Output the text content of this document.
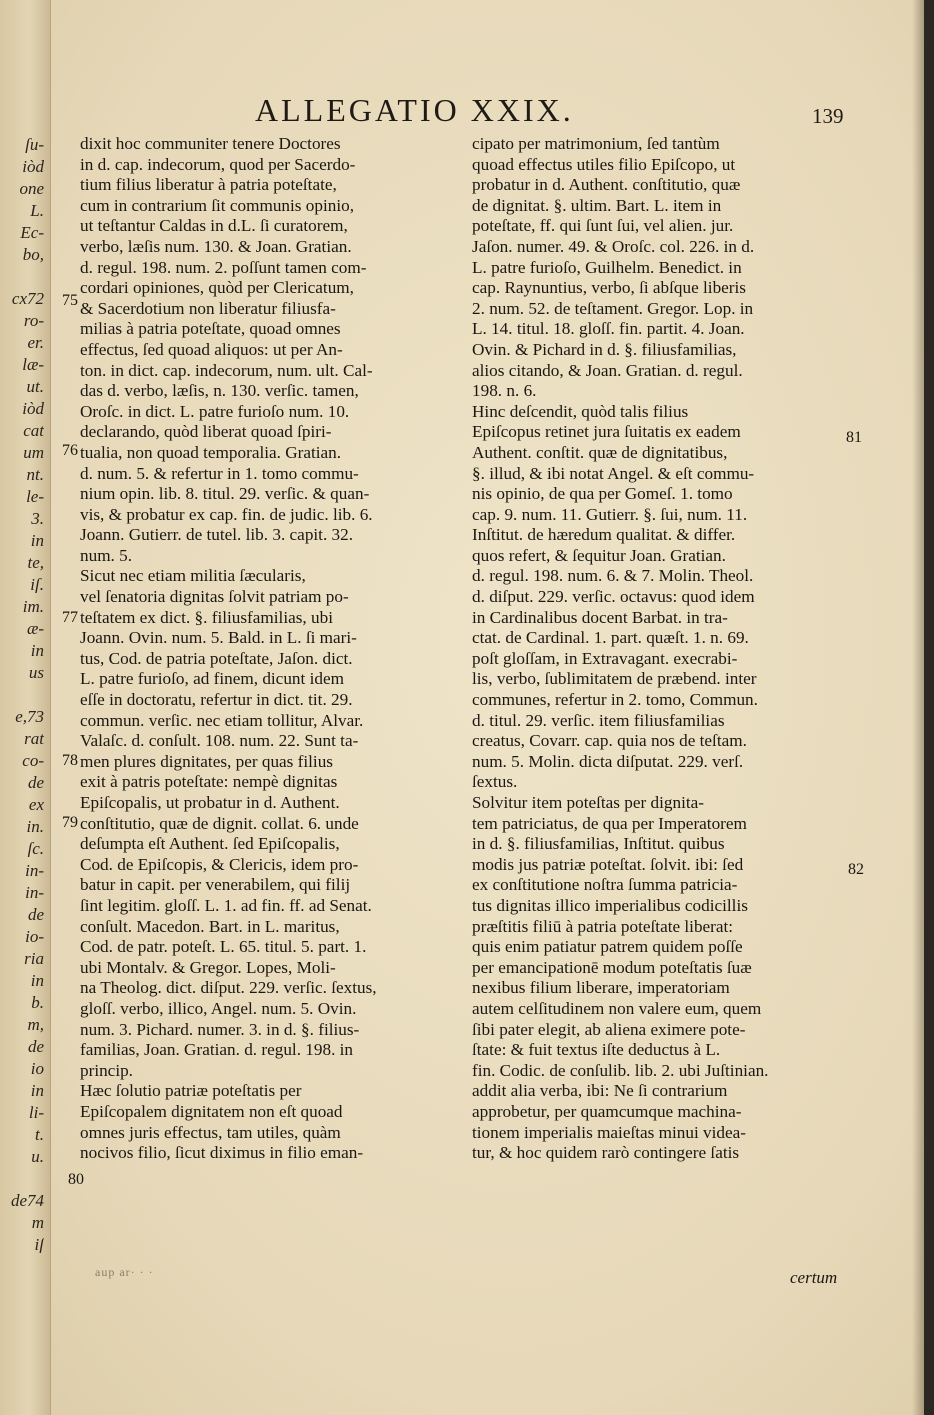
ſu-
iòd
one
L.
Ec-
bo,
cx72
ro-
er.
læ-
ut.
iòd
cat
um
nt.
le-
3.
in
te,
iſ.
im.
æ-
in
us
e,73
rat
co-
de
ex
in.
ſc.
in-
in-
de
io-
ria
in
b.
m,
de
io
in
li-
t.
u.
de74
m
iſ
ALLEGATIO XXIX.	139
dixit hoc communiter tenere Doctores
in d. cap. indecorum, quod per Sacerdo-
tium filius liberatur à patria poteſtate,
cum in contrarium ſit communis opinio,
ut teſtantur Caldas in d.L. ſi curatorem,
verbo, læſis num. 130. & Joan. Gratian.
d. regul. 198. num. 2. poſſunt tamen com-
cordari opiniones, quòd per Clericatum,
& Sacerdotium non liberatur filiusfa-
milias à patria poteſtate, quoad omnes
effectus, ſed quoad aliquos: ut per An-
ton. in dict. cap. indecorum, num. ult. Cal-
das d. verbo, læſis, n. 130. verſic. tamen,
Oroſc. in dict. L. patre furioſo num. 10.
declarando, quòd liberat quoad ſpiri-
tualia, non quoad temporalia. Gratian.
d. num. 5. & refertur in 1. tomo commu-
nium opin. lib. 8. titul. 29. verſic. & quan-
vis, & probatur ex cap. fin. de judic. lib. 6.
Joann. Gutierr. de tutel. lib. 3. capit. 32.
num. 5.
Sicut nec etiam militia ſæcularis,
vel ſenatoria dignitas ſolvit patriam po-
teſtatem ex dict. §. filiusfamilias, ubi
Joann. Ovin. num. 5. Bald. in L. ſi mari-
tus, Cod. de patria poteſtate, Jaſon. dict.
L. patre furioſo, ad finem, dicunt idem
eſſe in doctoratu, refertur in dict. tit. 29.
commun. verſic. nec etiam tollitur, Alvar.
Valaſc. d. conſult. 108. num. 22. Sunt ta-
men plures dignitates, per quas filius
exit à patris poteſtate: nempè dignitas
Epiſcopalis, ut probatur in d. Authent.
conſtitutio, quæ de dignit. collat. 6. unde
deſumpta eſt Authent. ſed Epiſcopalis,
Cod. de Epiſcopis, & Clericis, idem pro-
batur in capit. per venerabilem, qui filij
ſint legitim. gloſſ. L. 1. ad fin. ff. ad Senat.
conſult. Macedon. Bart. in L. maritus,
Cod. de patr. poteſt. L. 65. titul. 5. part. 1.
ubi Montalv. & Gregor. Lopes, Moli-
na Theolog. dict. diſput. 229. verſic. ſextus,
gloſſ. verbo, illico, Angel. num. 5. Ovin.
num. 3. Pichard. numer. 3. in d. §. filius-
familias, Joan. Gratian. d. regul. 198. in
princip.
Hæc ſolutio patriæ poteſtatis per
Epiſcopalem dignitatem non eſt quoad
omnes juris effectus, tam utiles, quàm
nocivos filio, ſicut diximus in filio eman-
cipato per matrimonium, ſed tantùm
quoad effectus utiles filio Epiſcopo, ut
probatur in d. Authent. conſtitutio, quæ
de dignitat. §. ultim. Bart. L. item in
poteſtate, ff. qui ſunt ſui, vel alien. jur.
Jaſon. numer. 49. & Oroſc. col. 226. in d.
L. patre furioſo, Guilhelm. Benedict. in
cap. Raynuntius, verbo, ſi abſque liberis
2. num. 52. de teſtament. Gregor. Lop. in
L. 14. titul. 18. gloſſ. fin. partit. 4. Joan.
Ovin. & Pichard in d. §. filiusfamilias,
alios citando, & Joan. Gratian. d. regul.
198. n. 6.
Hinc deſcendit, quòd talis filius
Epiſcopus retinet jura ſuitatis ex eadem
Authent. conſtit. quæ de dignitatibus,
§. illud, & ibi notat Angel. & eſt commu-
nis opinio, de qua per Gomeſ. 1. tomo
cap. 9. num. 11. Gutierr. §. ſui, num. 11.
Inſtitut. de hæredum qualitat. & differ.
quos refert, & ſequitur Joan. Gratian.
d. regul. 198. num. 6. & 7. Molin. Theol.
d. diſput. 229. verſic. octavus: quod idem
in Cardinalibus docent Barbat. in tra-
ctat. de Cardinal. 1. part. quæſt. 1. n. 69.
poſt gloſſam, in Extravagant. execrabi-
lis, verbo, ſublimitatem de præbend. inter
communes, refertur in 2. tomo, Commun.
d. titul. 29. verſic. item filiusfamilias
creatus, Covarr. cap. quia nos de teſtam.
num. 5. Molin. dicta diſputat. 229. verſ.
ſextus.
Solvitur item poteſtas per dignita-
tem patriciatus, de qua per Imperatorem
in d. §. filiusfamilias, Inſtitut. quibus
modis jus patriæ poteſtat. ſolvit. ibi: ſed
ex conſtitutione noſtra ſumma patricia-
tus dignitas illico imperialibus codicillis
præſtitis filiū à patria poteſtate liberat:
quis enim patiatur patrem quidem poſſe
per emancipationē modum poteſtatis ſuæ
nexibus filium liberare, imperatoriam
autem celſitudinem non valere eum, quem
ſibi pater elegit, ab aliena eximere pote-
ſtate: & fuit textus iſte deductus à L.
fin. Codic. de conſulib. lib. 2. ubi Juſtinian.
addit alia verba, ibi: Ne ſi contrarium
approbetur, per quamcumque machina-
tionem imperialis maieſtas minui videa-
tur, & hoc quidem rarò contingere ſatis
75
76
77
78
79
80
81
82
certum
aup ar· · ·
